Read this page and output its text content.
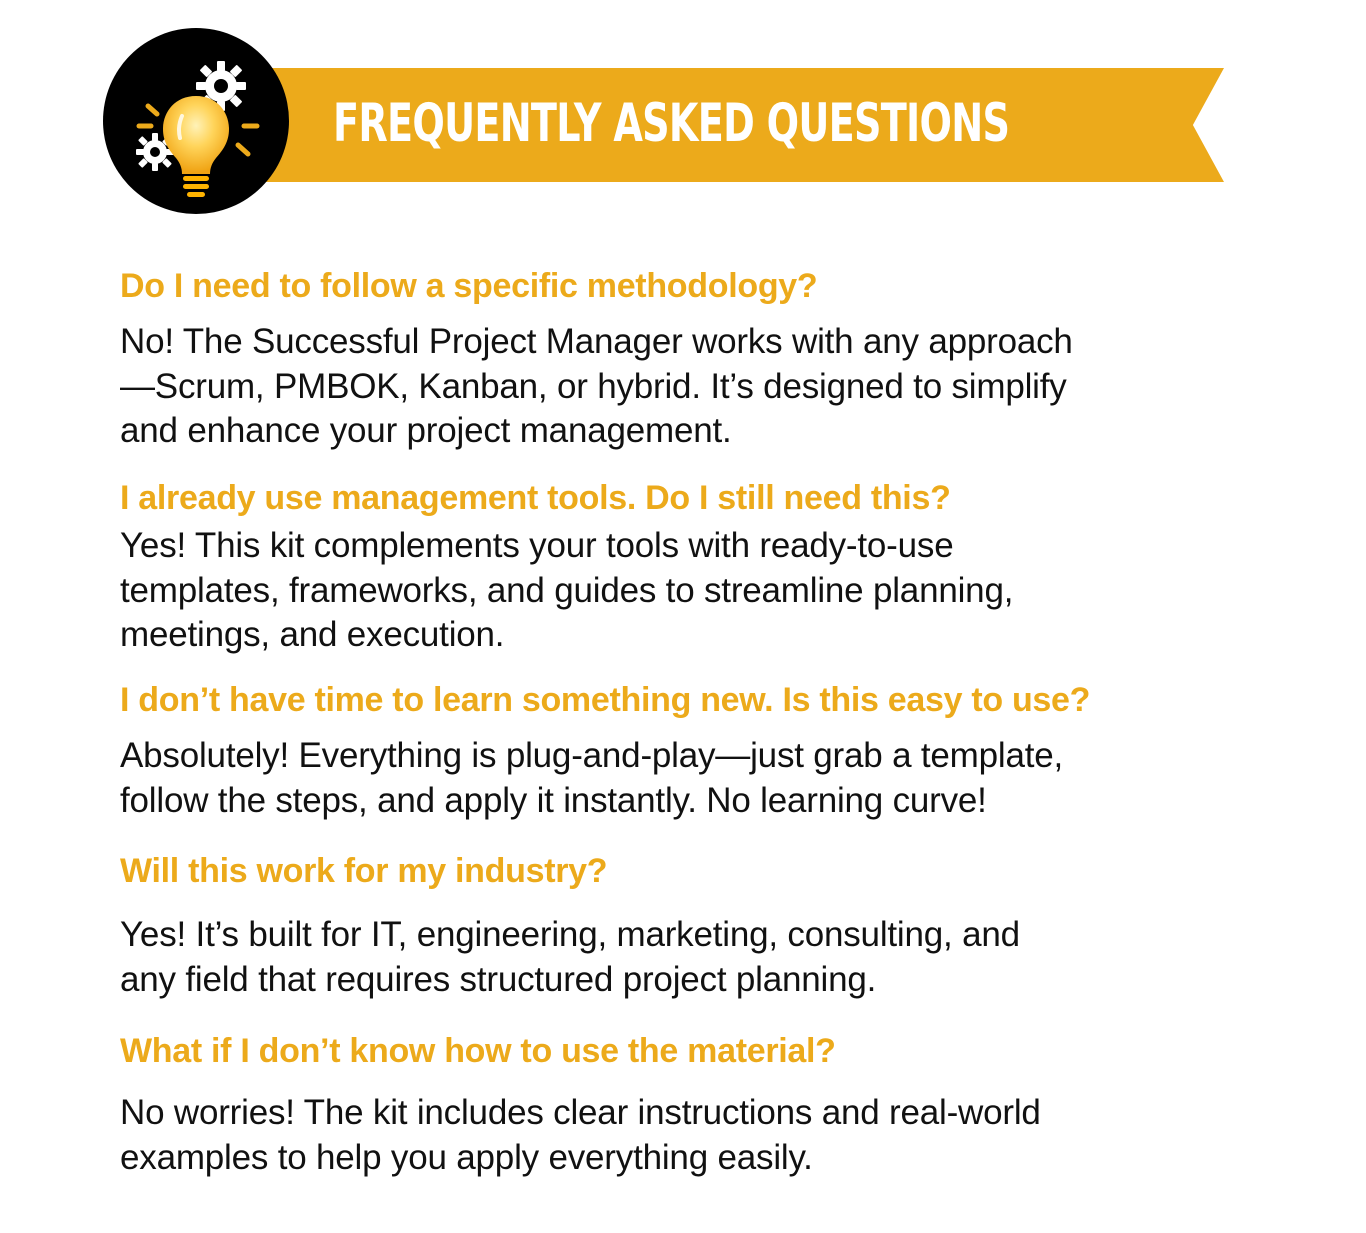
FREQUENTLY ASKED QUESTIONS
Do I need to follow a specific methodology?

No! The Successful Project Manager works with any approach
—Scrum, PMBOK, Kanban, or hybrid. It’s designed to simplify
and enhance your project management.

I already use management tools. Do I still need this?

Yes! This kit complements your tools with ready-to-use
templates, frameworks, and guides to streamline planning,
meetings, and execution.

I don’t have time to learn something new. Is this easy to use?

Absolutely! Everything is plug-and-play—just grab a template,
follow the steps, and apply it instantly. No learning curve!

Will this work for my industry?

Yes! It’s built for IT, engineering, marketing, consulting, and
any field that requires structured project planning.

What if I don’t know how to use the material?

No worries! The kit includes clear instructions and real-world
examples to help you apply everything easily.
